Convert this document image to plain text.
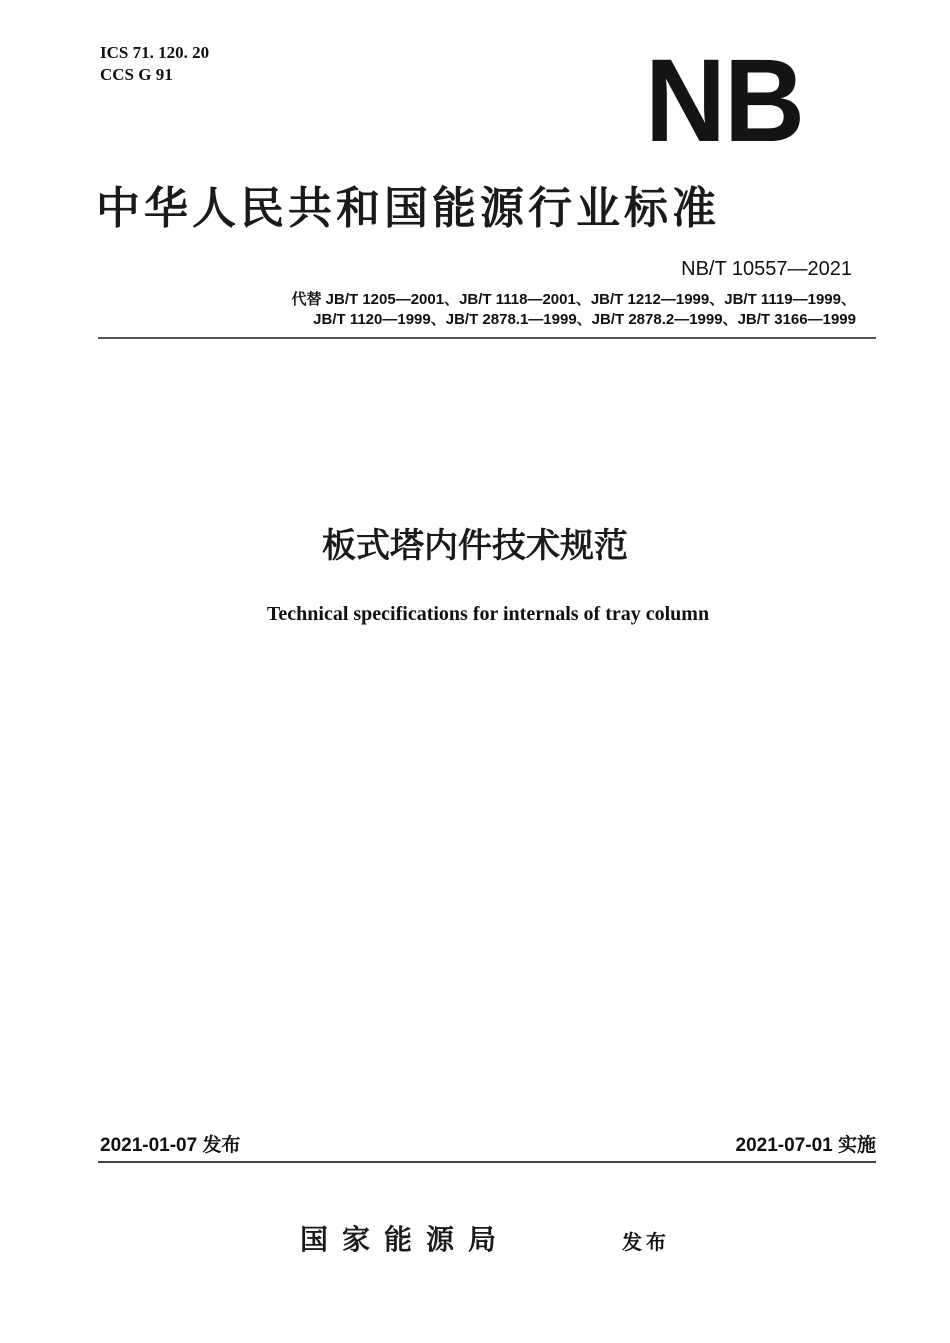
ICS 71. 120. 20
CCS G 91	NB
中华人民共和国能源行业标准
NB/T 10557—2021
代替 JB/T 1205—2001、JB/T 1118—2001、JB/T 1212—1999、JB/T 1119—1999、
JB/T 1120—1999、JB/T 2878.1—1999、JB/T 2878.2—1999、JB/T 3166—1999
板式塔内件技术规范
Technical specifications for internals of tray column
2021-01-07 发布	2021-07-01 实施
国家能源局	发布
